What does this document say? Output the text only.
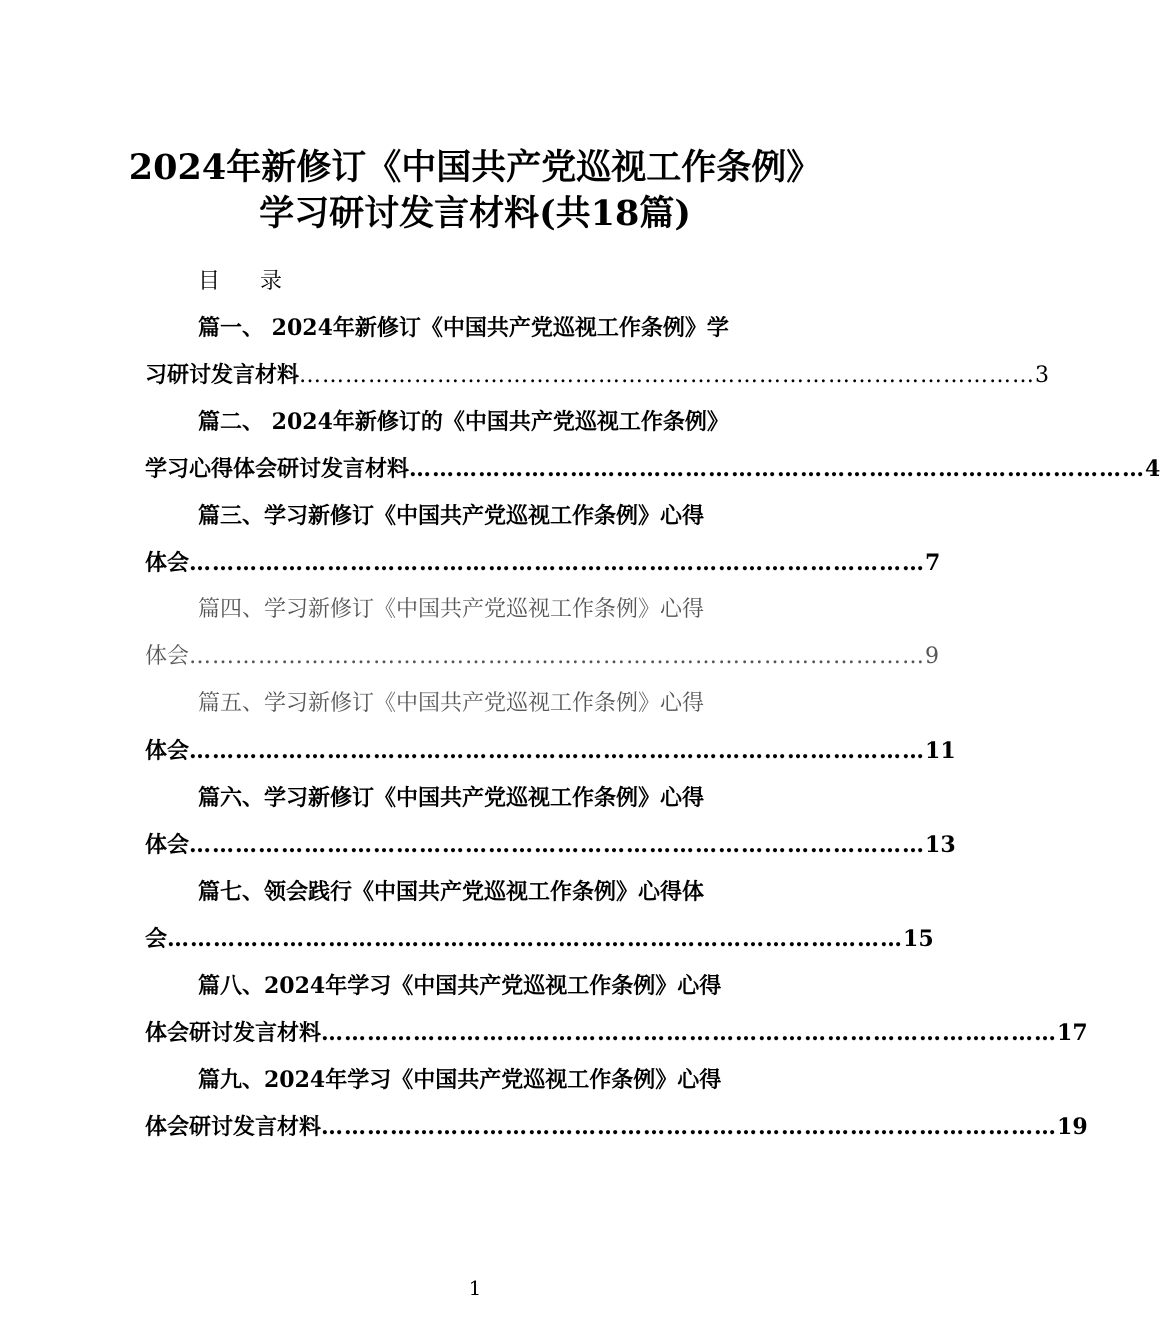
2024年新修订《中国共产党巡视工作条例》
学习研讨发言材料(共18篇)
目 录
篇一、 2024年新修订《中国共产党巡视工作条例》学
习研讨发言材料 …………………………………………………………………………………… 3
篇二、 2024年新修订的《中国共产党巡视工作条例》
学习心得体会研讨发言材料 …………………………………………………………………………………… 4
篇三、学习新修订《中国共产党巡视工作条例》心得
体会 …………………………………………………………………………………… 7
篇四、学习新修订《中国共产党巡视工作条例》心得
体会 …………………………………………………………………………………… 9
篇五、学习新修订《中国共产党巡视工作条例》心得
体会 …………………………………………………………………………………… 11
篇六、学习新修订《中国共产党巡视工作条例》心得
体会 …………………………………………………………………………………… 13
篇七、领会践行《中国共产党巡视工作条例》心得体
会 …………………………………………………………………………………… 15
篇八、2024年学习《中国共产党巡视工作条例》心得
体会研讨发言材料 …………………………………………………………………………………… 17
篇九、2024年学习《中国共产党巡视工作条例》心得
体会研讨发言材料 …………………………………………………………………………………… 19
1
